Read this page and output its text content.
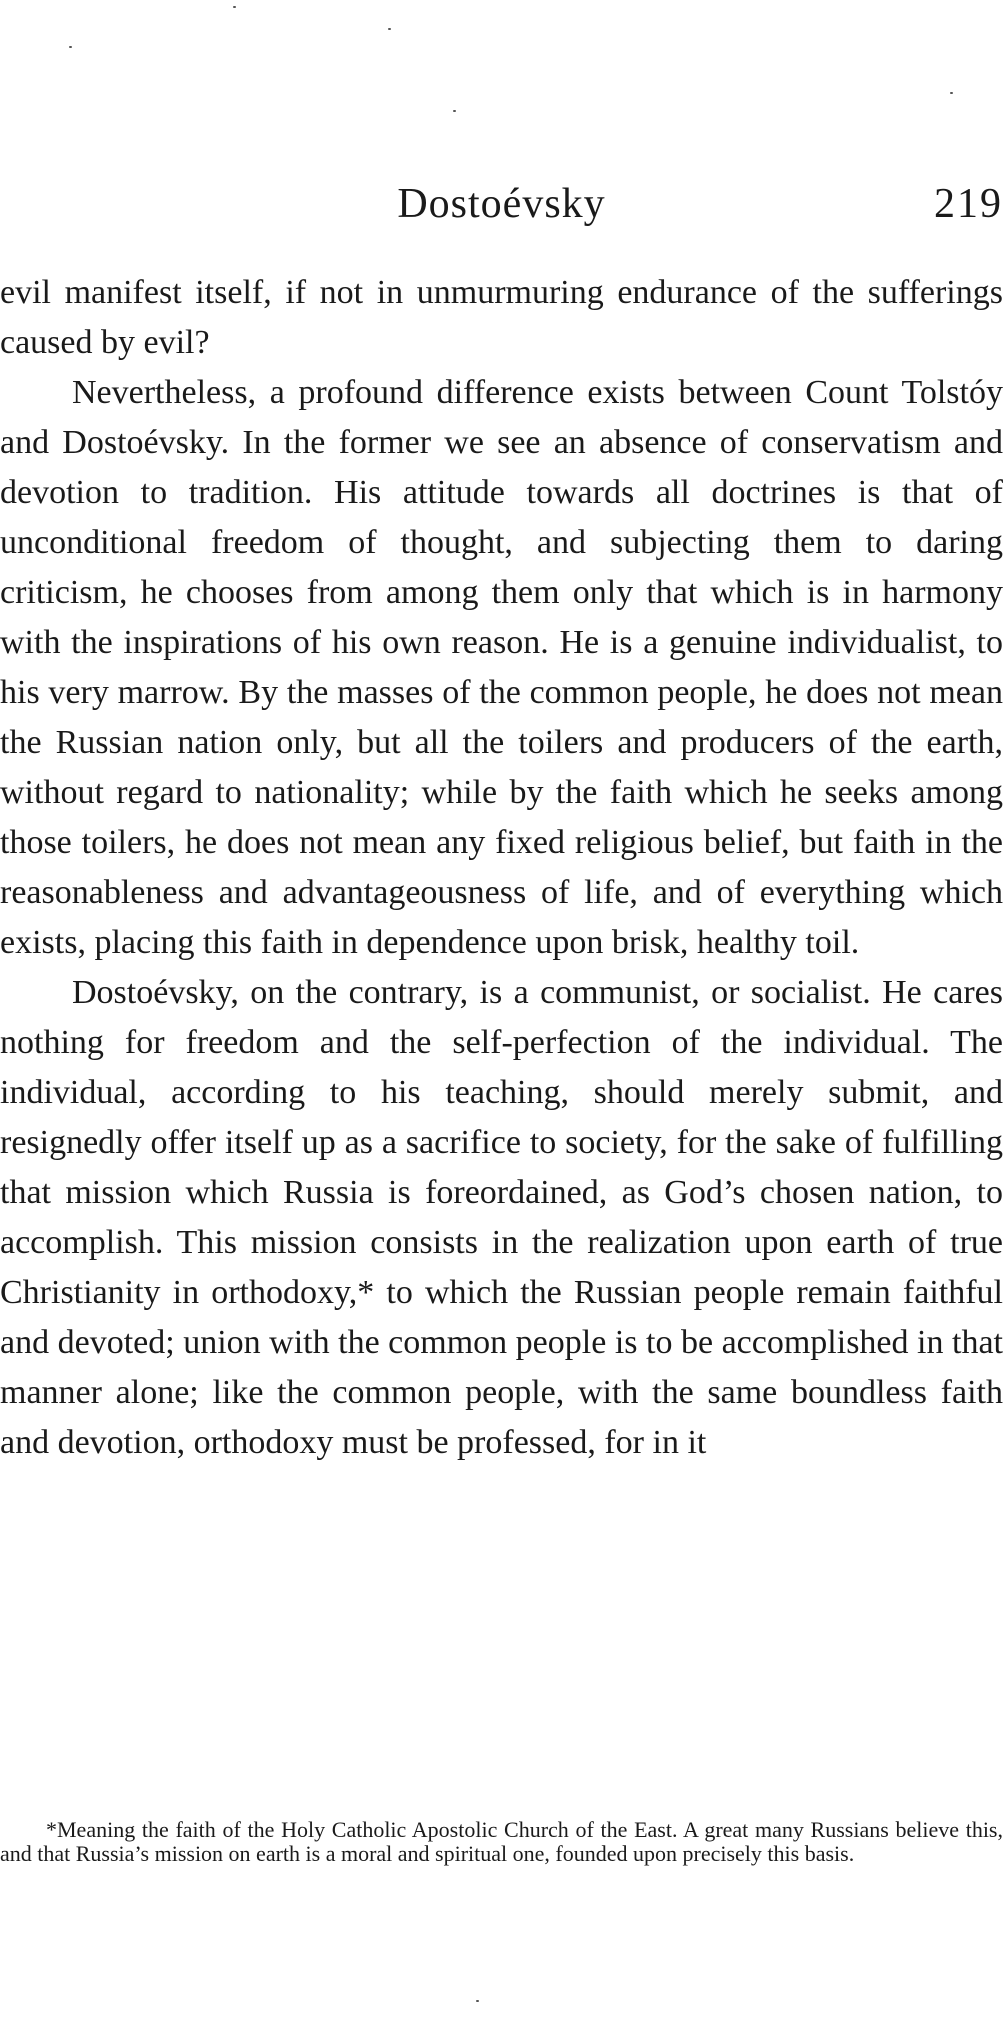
Dostoévsky	219

evil manifest itself, if not in unmurmuring endurance of the sufferings caused by evil?

Nevertheless, a profound difference exists between Count Tolstóy and Dostoévsky. In the former we see an absence of conservatism and devotion to tradition. His attitude towards all doctrines is that of unconditional freedom of thought, and subjecting them to daring criticism, he chooses from among them only that which is in harmony with the inspirations of his own reason. He is a genuine individualist, to his very marrow. By the masses of the common people, he does not mean the Russian nation only, but all the toilers and producers of the earth, without regard to nationality; while by the faith which he seeks among those toilers, he does not mean any fixed religious belief, but faith in the reasonableness and advantageousness of life, and of everything which exists, placing this faith in dependence upon brisk, healthy toil.

Dostoévsky, on the contrary, is a communist, or socialist. He cares nothing for freedom and the self-perfection of the individual. The individual, according to his teaching, should merely submit, and resignedly offer itself up as a sacrifice to society, for the sake of fulfilling that mission which Russia is foreordained, as God’s chosen nation, to accomplish. This mission consists in the realization upon earth of true Christianity in orthodoxy,* to which the Russian people remain faithful and devoted; union with the common people is to be accomplished in that manner alone; like the common people, with the same boundless faith and devotion, orthodoxy must be professed, for in it

*Meaning the faith of the Holy Catholic Apostolic Church of the East. A great many Russians believe this, and that Russia’s mission on earth is a moral and spiritual one, founded upon precisely this basis.
